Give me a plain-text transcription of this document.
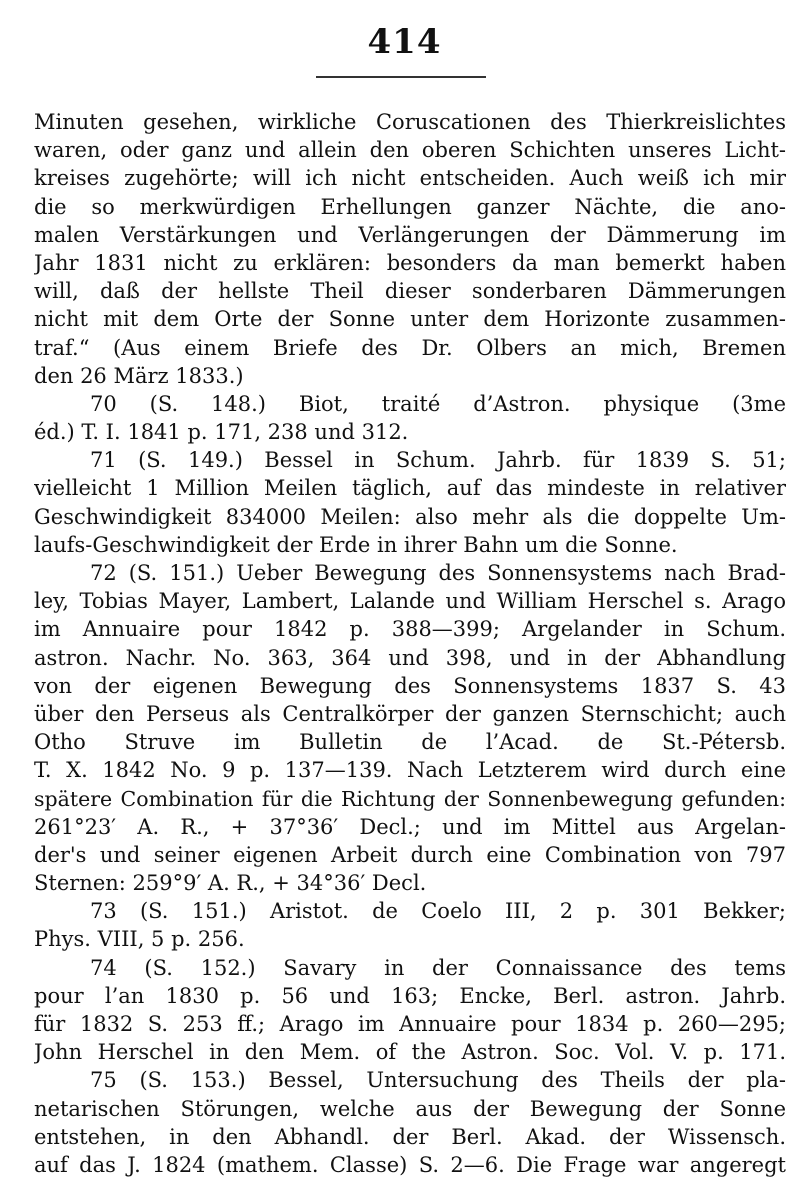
414
Minuten gesehen, wirkliche Coruscationen des Thierkreislichtes
waren, oder ganz und allein den oberen Schichten unseres Licht-
kreises zugehörte; will ich nicht entscheiden. Auch weiß ich mir
die so merkwürdigen Erhellungen ganzer Nächte, die ano-
malen Verstärkungen und Verlängerungen der Dämmerung im
Jahr 1831 nicht zu erklären: besonders da man bemerkt haben
will, daß der hellste Theil dieser sonderbaren Dämmerungen
nicht mit dem Orte der Sonne unter dem Horizonte zusammen-
traf.“ (Aus einem Briefe des Dr. Olbers an mich, Bremen
den 26 März 1833.)
70 (S. 148.) Biot, traité d’Astron. physique (3me
éd.) T. I. 1841 p. 171, 238 und 312.
71 (S. 149.) Bessel in Schum. Jahrb. für 1839 S. 51;
vielleicht 1 Million Meilen täglich, auf das mindeste in relativer
Geschwindigkeit 834000 Meilen: also mehr als die doppelte Um-
laufs-Geschwindigkeit der Erde in ihrer Bahn um die Sonne.
72 (S. 151.) Ueber Bewegung des Sonnensystems nach Brad-
ley, Tobias Mayer, Lambert, Lalande und William Herschel s. Arago
im Annuaire pour 1842 p. 388—399; Argelander in Schum.
astron. Nachr. No. 363, 364 und 398, und in der Abhandlung
von der eigenen Bewegung des Sonnensystems 1837 S. 43
über den Perseus als Centralkörper der ganzen Sternschicht; auch
Otho Struve im Bulletin de l’Acad. de St.-Pétersb.
T. X. 1842 No. 9 p. 137—139. Nach Letzterem wird durch eine
spätere Combination für die Richtung der Sonnenbewegung gefunden:
261°23′ A. R., + 37°36′ Decl.; und im Mittel aus Argelan-
der's und seiner eigenen Arbeit durch eine Combination von 797
Sternen: 259°9′ A. R., + 34°36′ Decl.
73 (S. 151.) Aristot. de Coelo III, 2 p. 301 Bekker;
Phys. VIII, 5 p. 256.
74 (S. 152.) Savary in der Connaissance des tems
pour l’an 1830 p. 56 und 163; Encke, Berl. astron. Jahrb.
für 1832 S. 253 ff.; Arago im Annuaire pour 1834 p. 260—295;
John Herschel in den Mem. of the Astron. Soc. Vol. V. p. 171.
75 (S. 153.) Bessel, Untersuchung des Theils der pla-
netarischen Störungen, welche aus der Bewegung der Sonne
entstehen, in den Abhandl. der Berl. Akad. der Wissensch.
auf das J. 1824 (mathem. Classe) S. 2—6. Die Frage war angeregt
